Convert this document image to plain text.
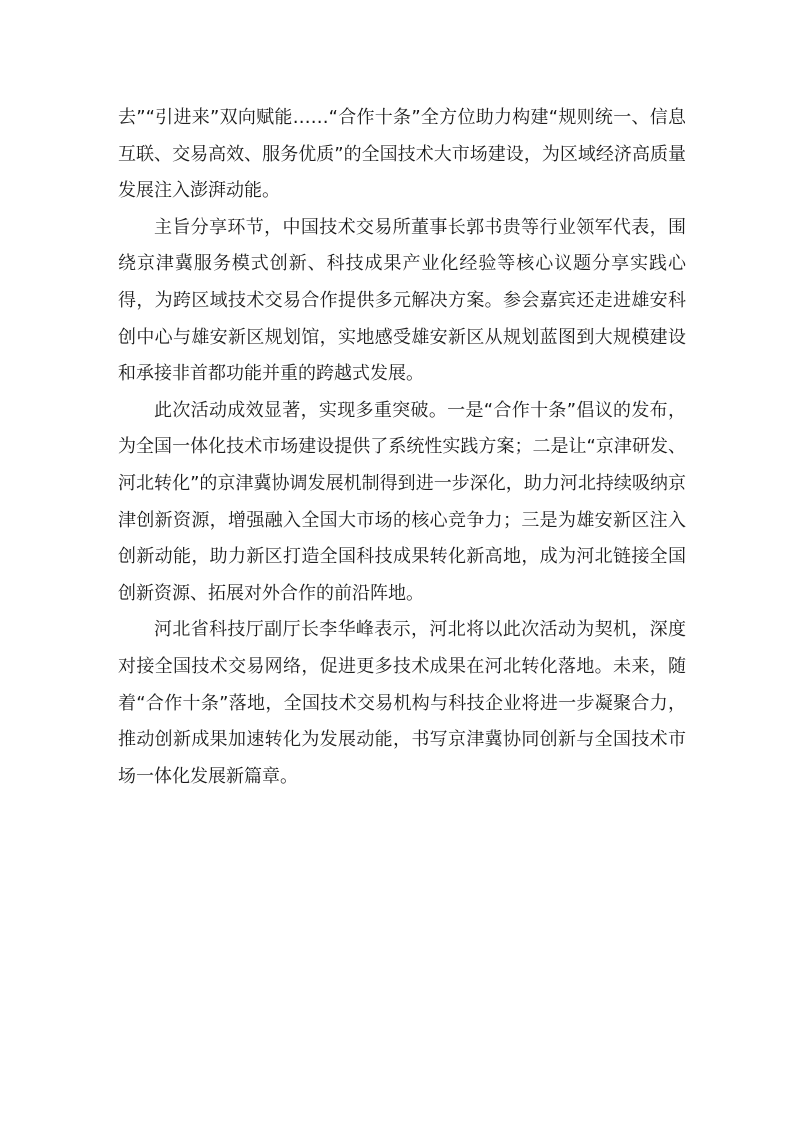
去”“引进来”双向赋能……“合作十条”全方位助力构建“规则统一、信息互联、交易高效、服务优质”的全国技术大市场建设，为区域经济高质量发展注入澎湃动能。

主旨分享环节，中国技术交易所董事长郭书贵等行业领军代表，围绕京津冀服务模式创新、科技成果产业化经验等核心议题分享实践心得，为跨区域技术交易合作提供多元解决方案。参会嘉宾还走进雄安科创中心与雄安新区规划馆，实地感受雄安新区从规划蓝图到大规模建设和承接非首都功能并重的跨越式发展。

此次活动成效显著，实现多重突破。一是“合作十条”倡议的发布，为全国一体化技术市场建设提供了系统性实践方案；二是让“京津研发、河北转化”的京津冀协调发展机制得到进一步深化，助力河北持续吸纳京津创新资源，增强融入全国大市场的核心竞争力；三是为雄安新区注入创新动能，助力新区打造全国科技成果转化新高地，成为河北链接全国创新资源、拓展对外合作的前沿阵地。

河北省科技厅副厅长李华峰表示，河北将以此次活动为契机，深度对接全国技术交易网络，促进更多技术成果在河北转化落地。未来，随着“合作十条”落地，全国技术交易机构与科技企业将进一步凝聚合力，推动创新成果加速转化为发展动能，书写京津冀协同创新与全国技术市场一体化发展新篇章。
